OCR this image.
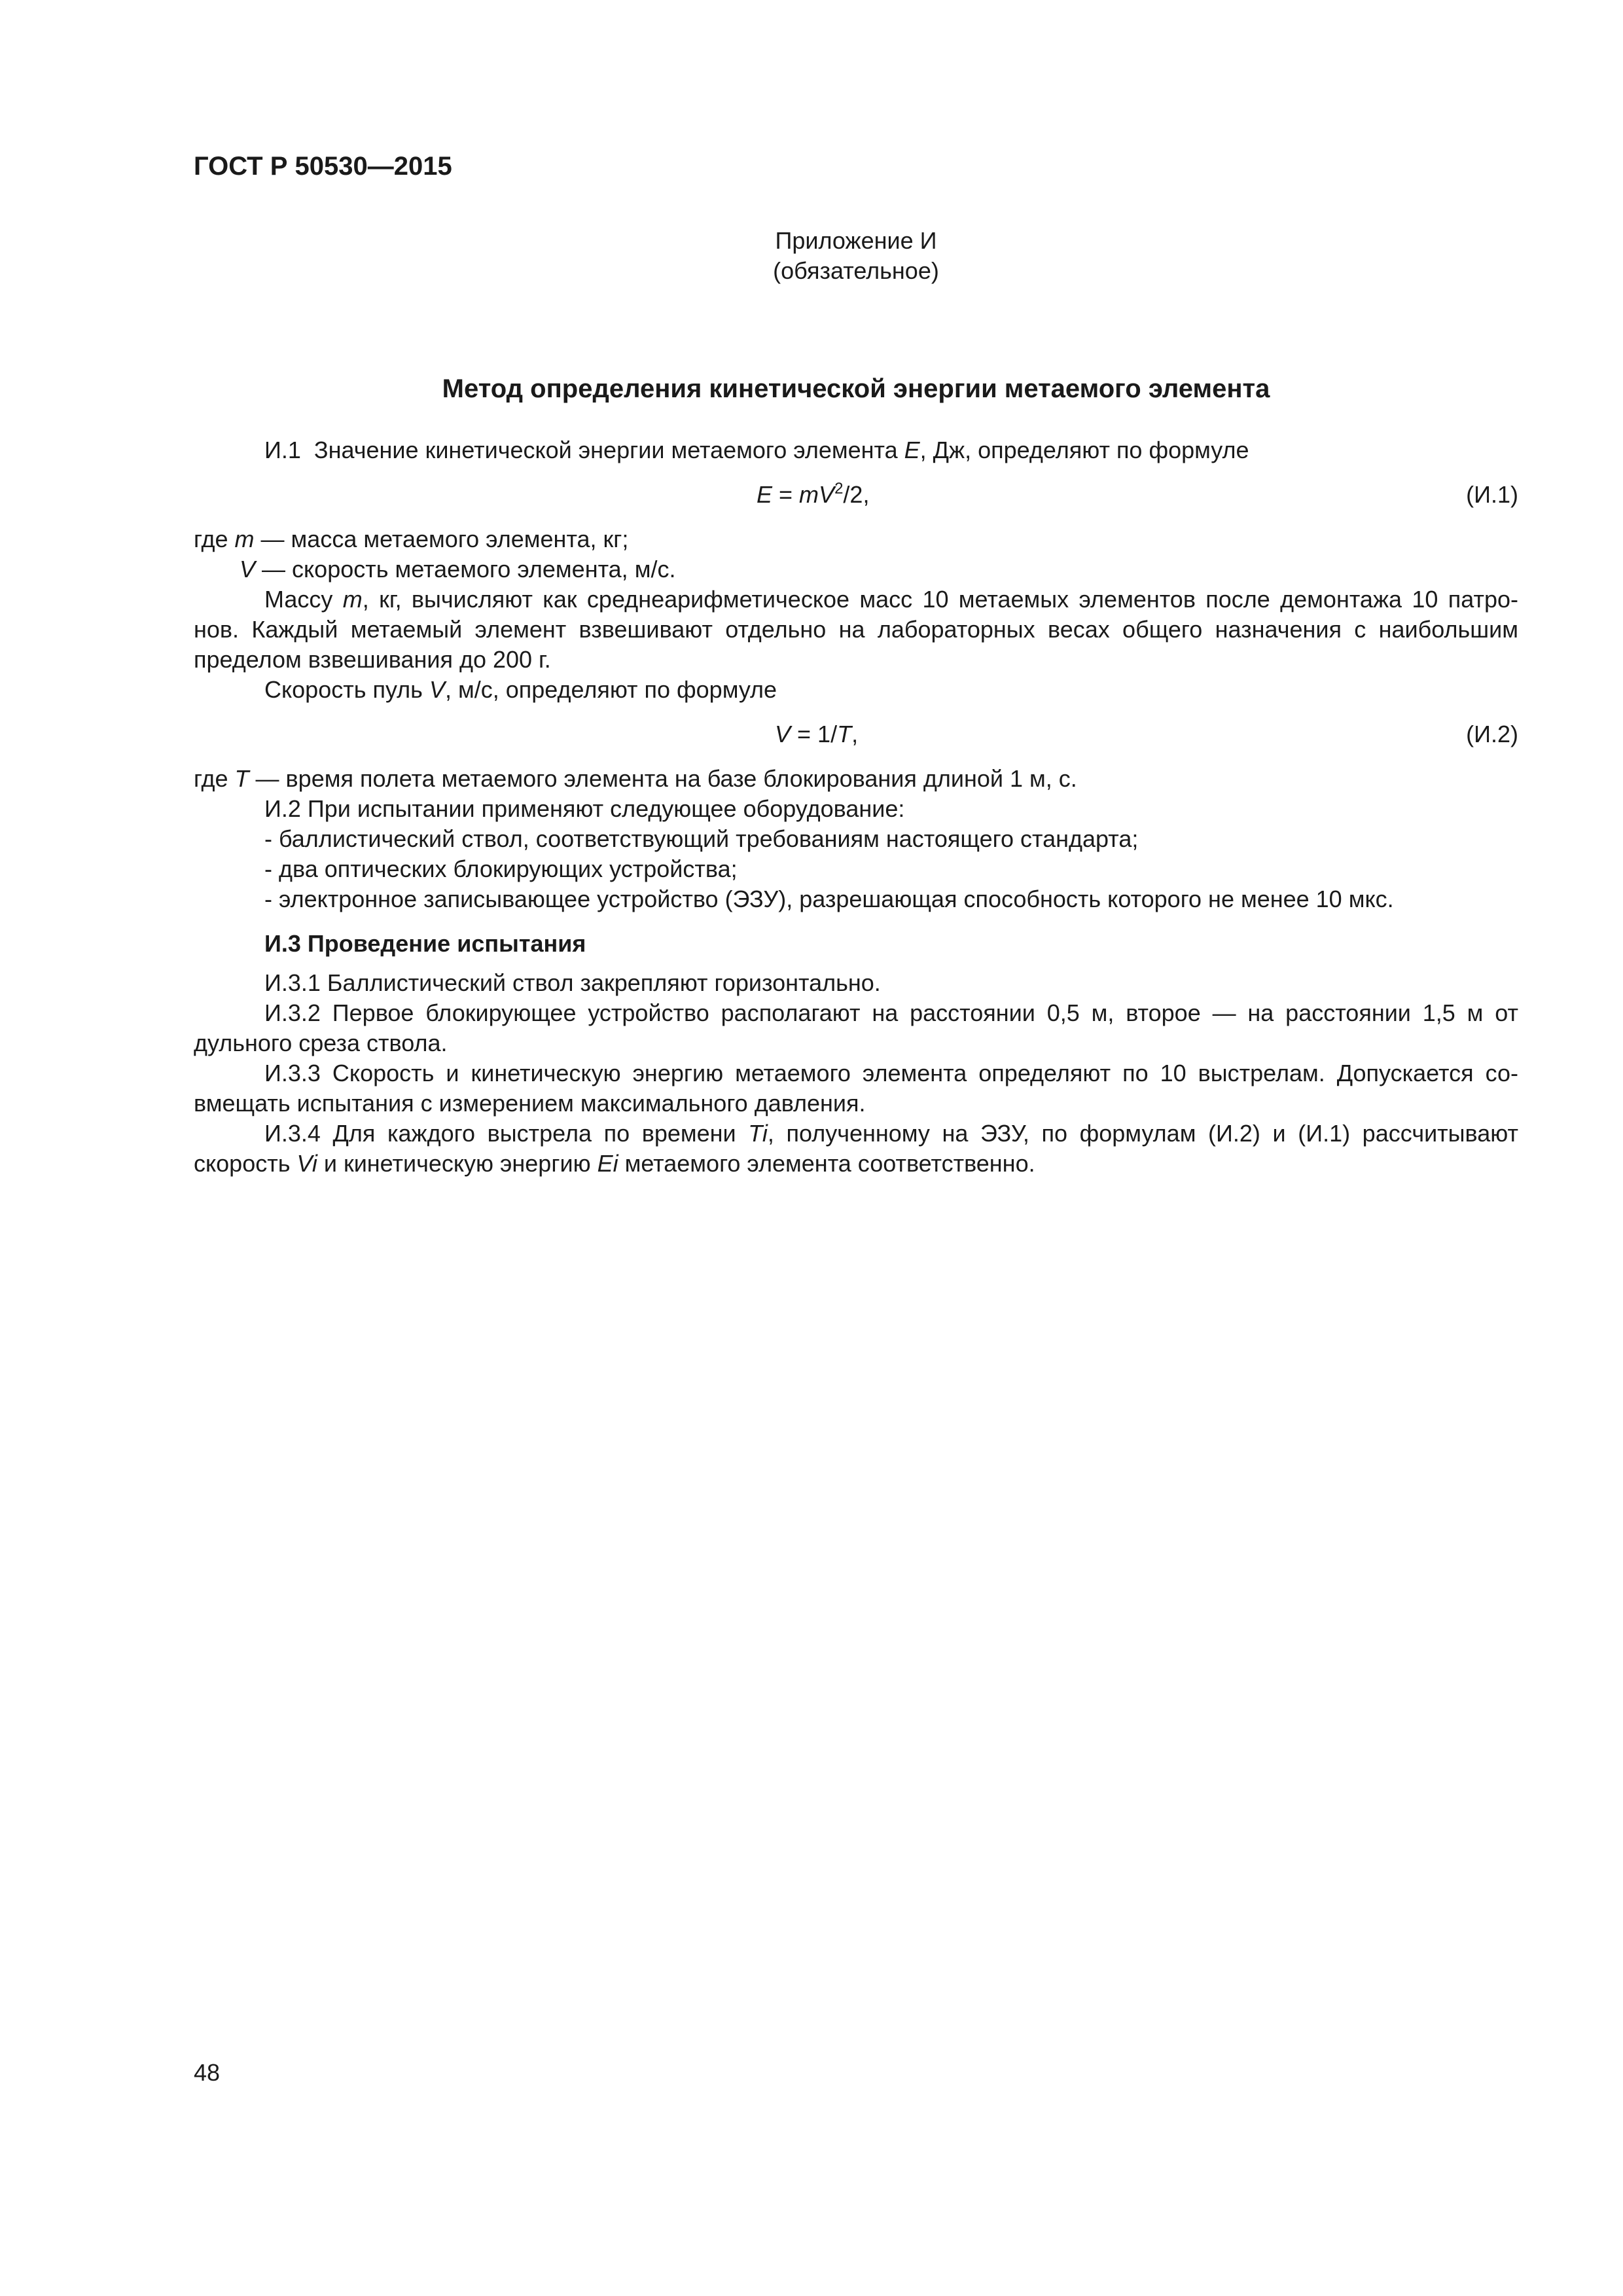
ГОСТ Р 50530—2015
Приложение И
(обязательное)
Метод определения кинетической энергии метаемого элемента
И.1 Значение кинетической энергии метаемого элемента E, Дж, определяют по формуле
$E = mV^2/2$,	(И.1)
где m — масса метаемого элемента, кг;
V — скорость метаемого элемента, м/с.
Массу m, кг, вычисляют как среднеарифметическое масс 10 метаемых элементов после демонтажа 10 патро-
нов. Каждый метаемый элемент взвешивают отдельно на лабораторных весах общего назначения с наибольшим
пределом взвешивания до 200 г.
Скорость пуль V, м/с, определяют по формуле
V = 1/T,	(И.2)
где T — время полета метаемого элемента на базе блокирования длиной 1 м, с.
И.2 При испытании применяют следующее оборудование:
- баллистический ствол, соответствующий требованиям настоящего стандарта;
- два оптических блокирующих устройства;
- электронное записывающее устройство (ЭЗУ), разрешающая способность которого не менее 10 мкс.
И.3 Проведение испытания
И.3.1 Баллистический ствол закрепляют горизонтально.
И.3.2 Первое блокирующее устройство располагают на расстоянии 0,5 м, второе — на расстоянии 1,5 м от
дульного среза ствола.
И.3.3 Скорость и кинетическую энергию метаемого элемента определяют по 10 выстрелам. Допускается со-
вмещать испытания с измерением максимального давления.
И.3.4 Для каждого выстрела по времени Ti, полученному на ЭЗУ, по формулам (И.2) и (И.1) рассчитывают
скорость Vi и кинетическую энергию Ei метаемого элемента соответственно.
48
